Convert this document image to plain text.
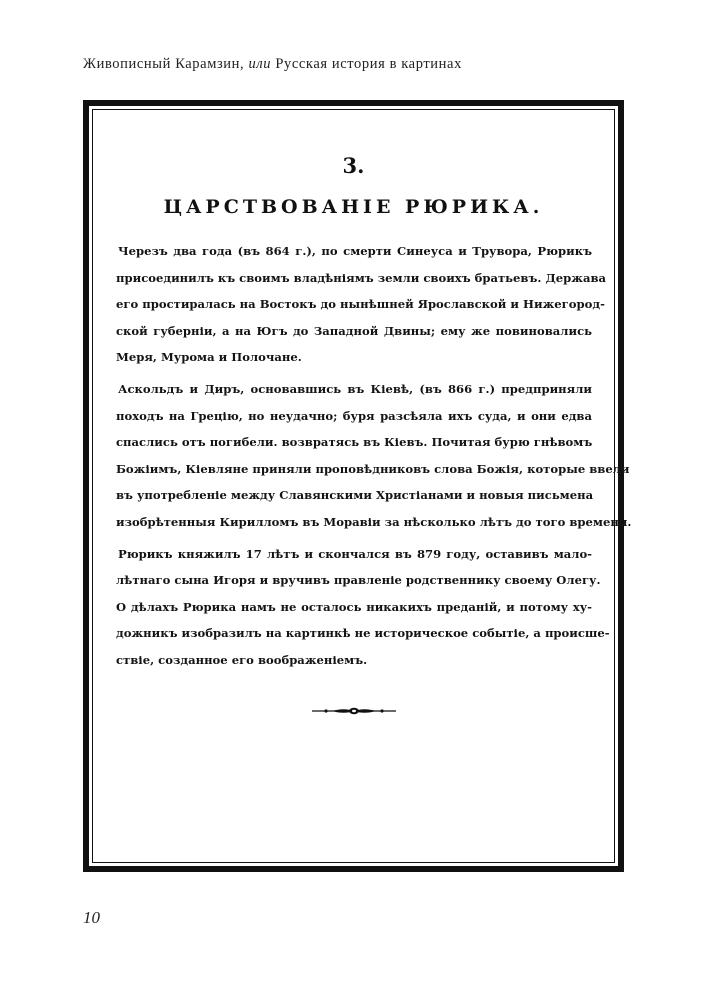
Живописный Карамзин, или Русская история в картинах
3.
ЦАРСТВОВАНІЕ РЮРИКА.
Черезъ два года (въ 864 г.), по смерти Синеуса и Трувора, Рюрикъ
присоединилъ къ своимъ владѣніямъ земли своихъ братьевъ. Держава
его простиралась на Востокъ до нынѣшней Ярославской и Нижегород-
ской губерніи, а на Югъ до Западной Двины; ему же повиновались
Меря, Мурома и Полочане.
Аскольдъ и Диръ, основавшись въ Кіевѣ, (въ 866 г.) предприняли
походъ на Грецію, но неудачно; буря разсѣяла ихъ суда, и они едва
спаслись отъ погибели. возвратясь въ Кіевъ. Почитая бурю гнѣвомъ
Божіимъ, Кіевляне приняли проповѣдниковъ слова Божія, которые ввели
въ употребленіе между Славянскими Христіанами и новыя письмена
изобрѣтенныя Кирилломъ въ Моравіи за нѣсколько лѣтъ до того времени.
Рюрикъ княжилъ 17 лѣтъ и скончался въ 879 году, оставивъ мало-
лѣтнаго сына Игоря и вручивъ правленіе родственнику своему Олегу.
О дѣлахъ Рюрика намъ не осталось никакихъ преданій, и потому ху-
дожникъ изобразилъ на картинкѣ не историческое событіе, а происше-
ствіе, созданное его воображеніемъ.
10
